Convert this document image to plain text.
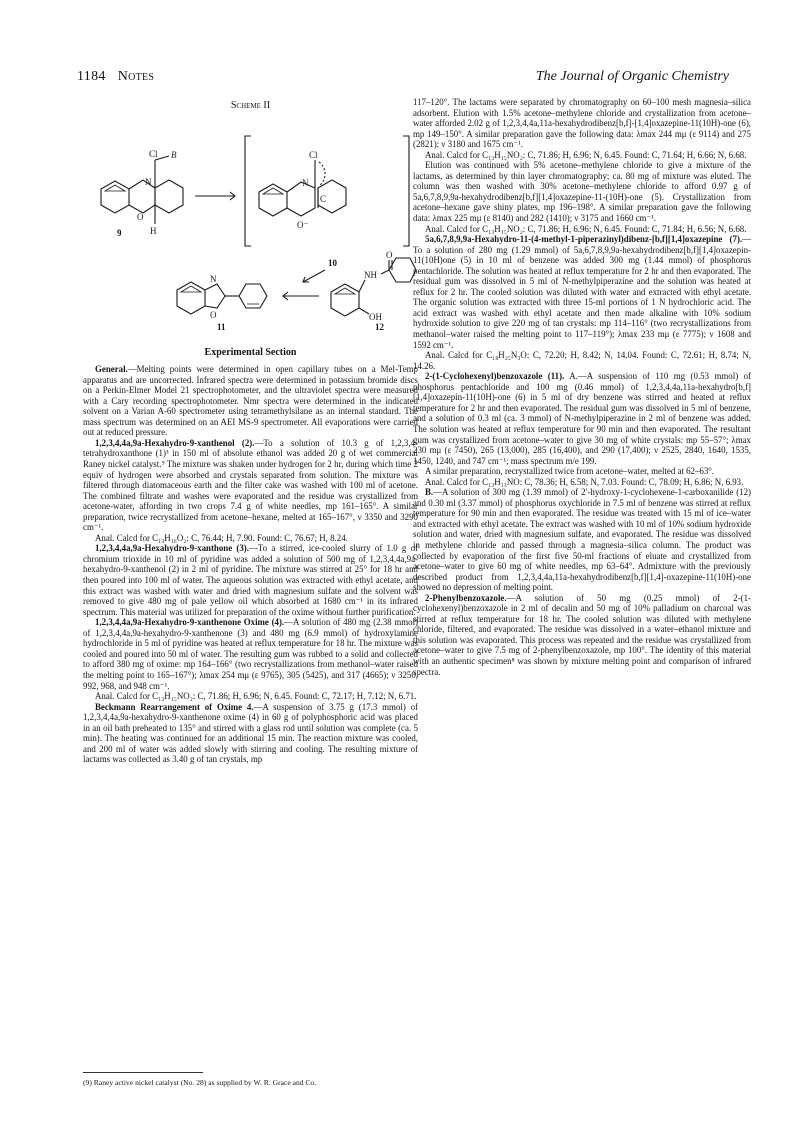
1184 Notes	The Journal of Organic Chemistry
Scheme II
N
Cl B
H
O
9
N
C
Cl
O⁻
10
N
O
11
NH
O
OH
12
Experimental Section

General.—Melting points were determined in open capillary tubes on a Mel-Temp apparatus and are uncorrected. Infrared spectra were determined in potassium bromide discs on a Perkin-Elmer Model 21 spectrophotometer, and the ultraviolet spectra were measured with a Cary recording spectrophotometer. Nmr spectra were determined in the indicated solvent on a Varian A-60 spectrometer using tetramethylsilane as an internal standard. The mass spectrum was determined on an AEI MS-9 spectrometer. All evaporations were carried out at reduced pressure.

1,2,3,4,4a,9a-Hexahydro-9-xanthenol (2).—To a solution of 10.3 g of 1,2,3,4-tetrahydroxanthone (1)³ in 150 ml of absolute ethanol was added 20 g of wet commercial Raney nickel catalyst.⁹ The mixture was shaken under hydrogen for 2 hr, during which time 2 equiv of hydrogen were absorbed and crystals separated from solution. The mixture was filtered through diatomaceous earth and the filter cake was washed with 100 ml of acetone. The combined filtrate and washes were evaporated and the residue was crystallized from acetone-water, affording in two crops 7.4 g of white needles, mp 161–165°. A similar preparation, twice recrystallized from acetone–hexane, melted at 165–167°, ν 3350 and 3290 cm⁻¹.

Anal. Calcd for C₁₃H₁₆O₂: C, 76.44; H, 7.90. Found: C, 76.67; H, 8.24.

1,2,3,4,4a,9a-Hexahydro-9-xanthone (3).—To a stirred, ice-cooled slurry of 1.0 g of chromium trioxide in 10 ml of pyridine was added a solution of 500 mg of 1,2,3,4,4a,9a-hexahydro-9-xanthenol (2) in 2 ml of pyridine. The mixture was stirred at 25° for 18 hr and then poured into 100 ml of water. The aqueous solution was extracted with ethyl acetate, and this extract was washed with water and dried with magnesium sulfate and the solvent was removed to give 480 mg of pale yellow oil which absorbed at 1680 cm⁻¹ in its infrared spectrum. This material was utilized for preparation of the oxime without further purification.

1,2,3,4,4a,9a-Hexahydro-9-xanthenone Oxime (4).—A solution of 480 mg (2.38 mmol) of 1,2,3,4,4a,9a-hexahydro-9-xanthenone (3) and 480 mg (6.9 mmol) of hydroxylamine hydrochloride in 5 ml of pyridine was heated at reflux temperature for 18 hr. The mixture was cooled and poured into 50 ml of water. The resulting gum was rubbed to a solid and collected to afford 380 mg of oxime: mp 164–166° (two recrystallizations from methanol–water raised the melting point to 165–167°); λmax 254 mμ (ε 9765), 305 (5425), and 317 (4665); ν 3250, 992, 968, and 948 cm⁻¹.

Anal. Calcd for C₁₃H₁₅NO₂: C, 71.86; H, 6.96; N, 6.45. Found: C, 72.17; H, 7.12; N, 6.71.

Beckmann Rearrangement of Oxime 4.—A suspension of 3.75 g (17.3 mmol) of 1,2,3,4,4a,9a-hexahydro-9-xanthenone oxime (4) in 60 g of polyphosphoric acid was placed in an oil bath preheated to 135° and stirred with a glass rod until solution was complete (ca. 5 min). The heating was continued for an additional 15 min. The reaction mixture was cooled, and 200 ml of water was added slowly with stirring and cooling. The resulting mixture of lactams was collected as 3.40 g of tan crystals, mp

117–120°. The lactams were separated by chromatography on 60–100 mesh magnesia–silica adsorbent. Elution with 1.5% acetone–methylene chloride and crystallization from acetone–water afforded 2.02 g of 1,2,3,4,4a,11a-hexahydrodibenz[b,f]-[1,4]oxazepine-11(10H)-one (6), mp 149–150°. A similar preparation gave the following data: λmax 244 mμ (ε 9114) and 275 (2821); ν 3180 and 1675 cm⁻¹.

Anal. Calcd for C₁₃H₁₅NO₂: C, 71.86; H, 6.96; N, 6.45. Found: C, 71.64; H, 6.66; N, 6.68.

Elution was continued with 5% acetone–methylene chloride to give a mixture of the lactams, as determined by thin layer chromatography; ca. 80 mg of mixture was eluted. The column was then washed with 30% acetone–methylene chloride to afford 0.97 g of 5a,6,7,8,9,9a-hexahydrodibenz[b,f][1,4]oxazepine-11-(10H)-one (5). Crystallization from acetone–hexane gave shiny plates, mp 196–198°. A similar preparation gave the following data: λmax 225 mμ (ε 8140) and 282 (1410); ν 3175 and 1660 cm⁻¹.

Anal. Calcd for C₁₃H₁₅NO₂: C, 71.86; H, 6.96; N, 6.45. Found: C, 71.84; H, 6.56; N, 6.68.

5a,6,7,8,9,9a-Hexahydro-11-(4-methyl-1-piperazinyl)dibenz-[b,f][1,4]oxazepine (7).—To a solution of 280 mg (1.29 mmol) of 5a,6,7,8,9,9a-hexahydrodibenz[b,f][1,4]oxazepin-11(10H)one (5) in 10 ml of benzene was added 300 mg (1.44 mmol) of phosphorus pentachloride. The solution was heated at reflux temperature for 2 hr and then evaporated. The residual gum was dissolved in 5 ml of N-methylpiperazine and the solution was heated at reflux for 2 hr. The cooled solution was diluted with water and extracted with ethyl acetate. The organic solution was extracted with three 15-ml portions of 1 N hydrochloric acid. The acid extract was washed with ethyl acetate and then made alkaline with 10% sodium hydroxide solution to give 220 mg of tan crystals: mp 114–116° (two recrystallizations from methanol–water raised the melting point to 117–119°); λmax 233 mμ (ε 7775); ν 1608 and 1592 cm⁻¹.

Anal. Calcd for C₁₈H₂₅N₃O: C, 72.20; H, 8.42; N, 14.04. Found: C, 72.61; H, 8.74; N, 14.26.

2-(1-Cyclohexenyl)benzoxazole (11). A.—A suspension of 110 mg (0.53 mmol) of phosphorus pentachloride and 100 mg (0.46 mmol) of 1,2,3,4,4a,11a-hexahydro[b,f][1,4]oxazepin-11(10H)-one (6) in 5 ml of dry benzene was stirred and heated at reflux temperature for 2 hr and then evaporated. The residual gum was dissolved in 5 ml of benzene, and a solution of 0.3 ml (ca. 3 mmol) of N-methylpiperazine in 2 ml of benzene was added. The solution was heated at reflux temperature for 90 min and then evaporated. The resultant gum was crystallized from acetone–water to give 30 mg of white crystals: mp 55–57°; λmax 230 mμ (ε 7450), 265 (13,000), 285 (16,400), and 290 (17,400); ν 2525, 2840, 1640, 1535, 1450, 1240, and 747 cm⁻¹; mass spectrum m/e 199.

A similar preparation, recrystallized twice from acetone–water, melted at 62–63°.

Anal. Calcd for C₁₃H₁₃NO: C, 78.36; H, 6.58; N, 7.03. Found: C, 78.09; H, 6.86; N, 6.93.

B.—A solution of 300 mg (1.39 mmol) of 2′-hydroxy-1-cyclohexene-1-carboxanilide (12) and 0.30 ml (3.37 mmol) of phosphorus oxychloride in 7.5 ml of benzene was stirred at reflux temperature for 90 min and then evaporated. The residue was treated with 15 ml of ice–water and extracted with ethyl acetate. The extract was washed with 10 ml of 10% sodium hydroxide solution and water, dried with magnesium sulfate, and evaporated. The residue was dissolved in methylene chloride and passed through a magnesia–silica column. The product was collected by evaporation of the first five 50-ml fractions of eluate and crystallized from acetone–water to give 60 mg of white needles, mp 63–64°. Admixture with the previously described product from 1,2,3,4,4a,11a-hexahydrodibenz[b,f][1,4]-oxazepine-11(10H)-one showed no depression of melting point.

2-Phenylbenzoxazole.—A solution of 50 mg (0.25 mmol) of 2-(1-cyclohexenyl)benzoxazole in 2 ml of decalin and 50 mg of 10% palladium on charcoal was stirred at reflux temperature for 18 hr. The cooled solution was diluted with methylene chloride, filtered, and evaporated. The residue was dissolved in a water–ethanol mixture and this solution was evaporated. This process was repeated and the residue was crystallized from acetone–water to give 7.5 mg of 2-phenylbenzoxazole, mp 100°. The identity of this material with an authentic specimen⁸ was shown by mixture melting point and comparison of infrared spectra.

(9) Raney active nickel catalyst (No. 28) as supplied by W. R. Grace and Co.
